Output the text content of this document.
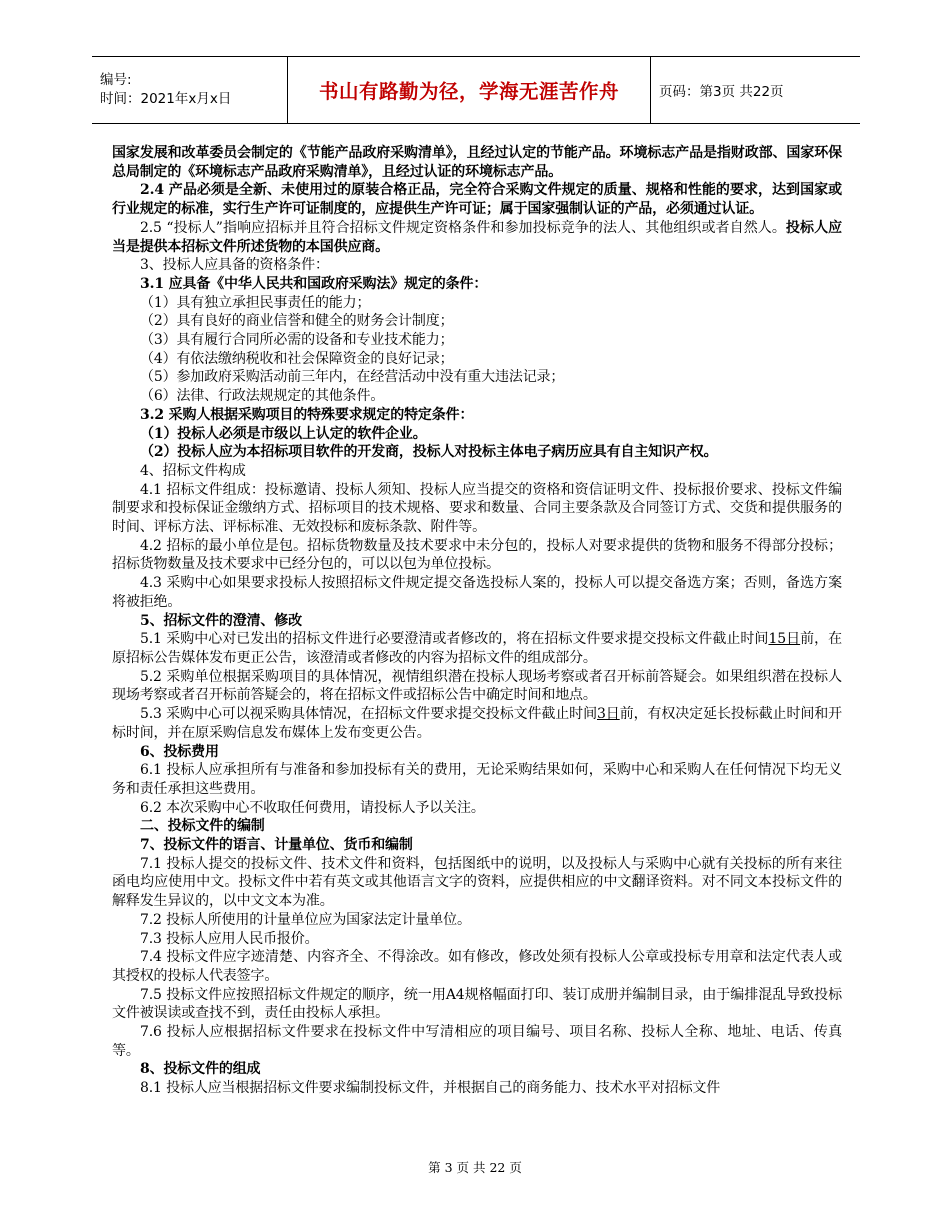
编号:
时间：2021年x月x日	书山有路勤为径，学海无涯苦作舟	页码：第3页 共22页

国家发展和改革委员会制定的《节能产品政府采购清单》，且经过认定的节能产品。环境标志产品是指财政部、国家环保总局制定的《环境标志产品政府采购清单》，且经过认证的环境标志产品。

2.4 产品必须是全新、未使用过的原装合格正品，完全符合采购文件规定的质量、规格和性能的要求，达到国家或行业规定的标准，实行生产许可证制度的，应提供生产许可证；属于国家强制认证的产品，必须通过认证。

2.5 “投标人”指响应招标并且符合招标文件规定资格条件和参加投标竞争的法人、其他组织或者自然人。投标人应当是提供本招标文件所述货物的本国供应商。

3、投标人应具备的资格条件：

3.1 应具备《中华人民共和国政府采购法》规定的条件：

（1）具有独立承担民事责任的能力；

（2）具有良好的商业信誉和健全的财务会计制度；

（3）具有履行合同所必需的设备和专业技术能力；

（4）有依法缴纳税收和社会保障资金的良好记录；

（5）参加政府采购活动前三年内，在经营活动中没有重大违法记录；

（6）法律、行政法规规定的其他条件。

3.2 采购人根据采购项目的特殊要求规定的特定条件：

（1）投标人必须是市级以上认定的软件企业。

（2）投标人应为本招标项目软件的开发商，投标人对投标主体电子病历应具有自主知识产权。

4、招标文件构成

4.1 招标文件组成：投标邀请、投标人须知、投标人应当提交的资格和资信证明文件、投标报价要求、投标文件编制要求和投标保证金缴纳方式、招标项目的技术规格、要求和数量、合同主要条款及合同签订方式、交货和提供服务的时间、评标方法、评标标准、无效投标和废标条款、附件等。

4.2 招标的最小单位是包。招标货物数量及技术要求中未分包的，投标人对要求提供的货物和服务不得部分投标；招标货物数量及技术要求中已经分包的，可以以包为单位投标。

4.3 采购中心如果要求投标人按照招标文件规定提交备选投标人案的，投标人可以提交备选方案；否则，备选方案将被拒绝。

5、招标文件的澄清、修改

5.1 采购中心对已发出的招标文件进行必要澄清或者修改的，将在招标文件要求提交投标文件截止时间15日前，在原招标公告媒体发布更正公告，该澄清或者修改的内容为招标文件的组成部分。

5.2 采购单位根据采购项目的具体情况，视情组织潜在投标人现场考察或者召开标前答疑会。如果组织潜在投标人现场考察或者召开标前答疑会的，将在招标文件或招标公告中确定时间和地点。

5.3 采购中心可以视采购具体情况，在招标文件要求提交投标文件截止时间3日前，有权决定延长投标截止时间和开标时间，并在原采购信息发布媒体上发布变更公告。

6、投标费用

6.1 投标人应承担所有与准备和参加投标有关的费用，无论采购结果如何，采购中心和采购人在任何情况下均无义务和责任承担这些费用。

6.2 本次采购中心不收取任何费用，请投标人予以关注。

二、投标文件的编制

7、投标文件的语言、计量单位、货币和编制

7.1 投标人提交的投标文件、技术文件和资料，包括图纸中的说明，以及投标人与采购中心就有关投标的所有来往函电均应使用中文。投标文件中若有英文或其他语言文字的资料，应提供相应的中文翻译资料。对不同文本投标文件的解释发生异议的，以中文文本为准。

7.2 投标人所使用的计量单位应为国家法定计量单位。

7.3 投标人应用人民币报价。

7.4 投标文件应字迹清楚、内容齐全、不得涂改。如有修改，修改处须有投标人公章或投标专用章和法定代表人或其授权的投标人代表签字。

7.5 投标文件应按照招标文件规定的顺序，统一用A4规格幅面打印、装订成册并编制目录，由于编排混乱导致投标文件被误读或查找不到，责任由投标人承担。

7.6 投标人应根据招标文件要求在投标文件中写清相应的项目编号、项目名称、投标人全称、地址、电话、传真等。

8、投标文件的组成

8.1 投标人应当根据招标文件要求编制投标文件，并根据自己的商务能力、技术水平对招标文件

第 3 页 共 22 页
